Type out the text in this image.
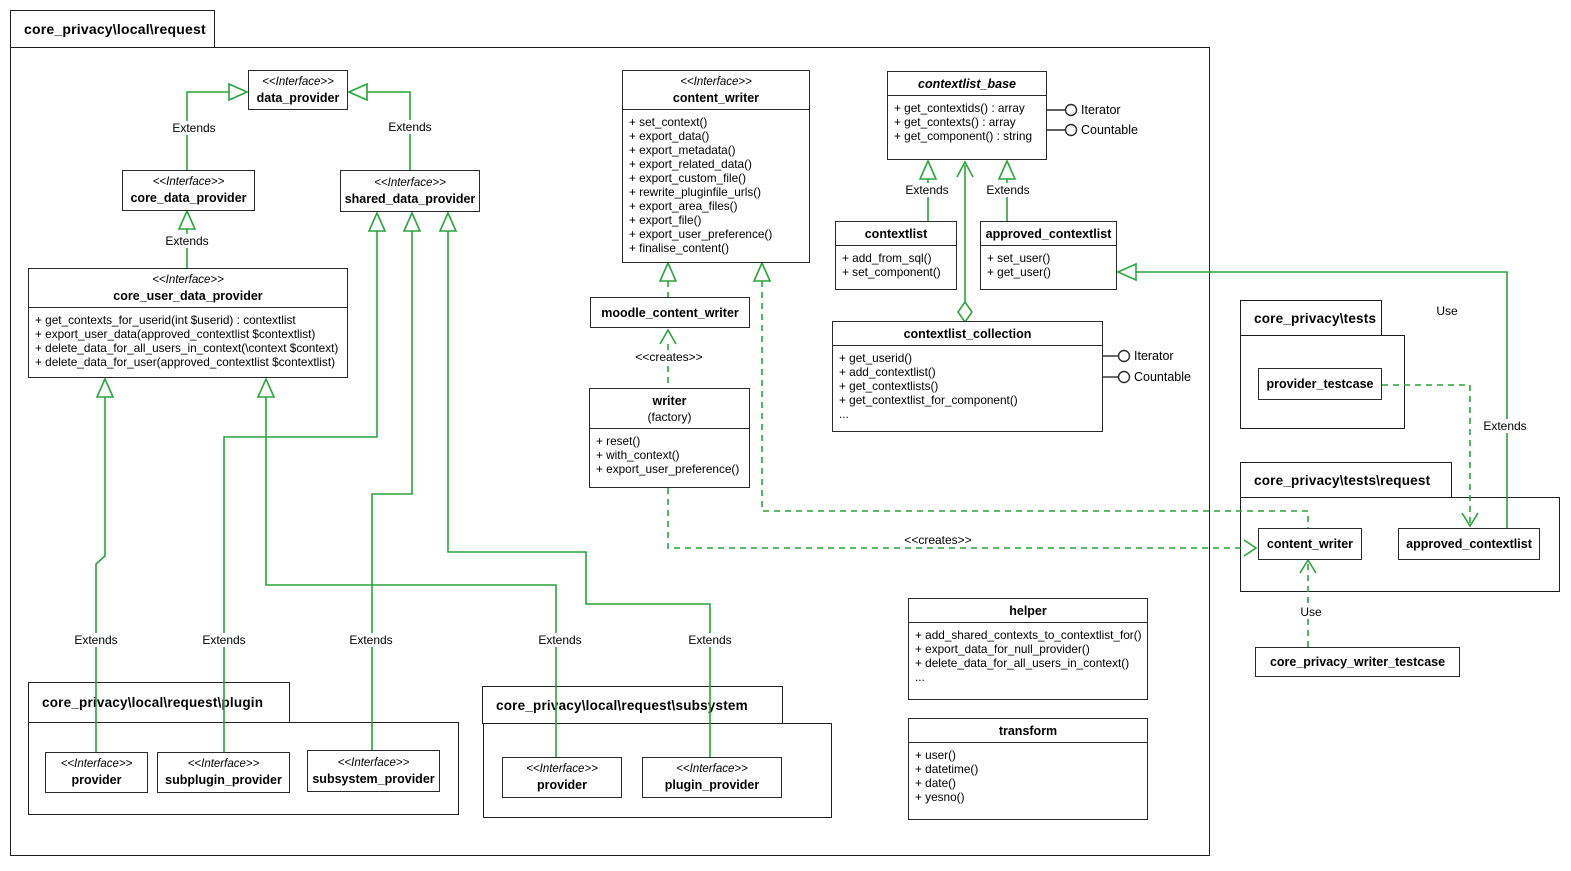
core_privacy\local\request
core_privacy\local\request\plugin	core_privacy\local\request\subsystem
core_privacy\tests
core_privacy\tests\request
<<Interface>>
data_provider
<<Interface>>
core_data_provider
<<Interface>>
shared_data_provider
<<Interface>>
core_user_data_provider
+ get_contexts_for_userid(int $userid) : contextlist
+ export_user_data(approved_contextlist $contextlist)
+ delete_data_for_all_users_in_context(\context $context)
+ delete_data_for_user(approved_contextlist $contextlist)
<<Interface>>
content_writer
+ set_context()
+ export_data()
+ export_metadata()
+ export_related_data()
+ export_custom_file()
+ rewrite_pluginfile_urls()
+ export_area_files()
+ export_file()
+ export_user_preference()
+ finalise_content()
contextlist_base
+ get_contextids() : array
+ get_contexts() : array
+ get_component() : string
contextlist
+ add_from_sql()
+ set_component()
approved_contextlist
+ set_user()
+ get_user()
contextlist_collection
+ get_userid()
+ add_contextlist()
+ get_contextlists()
+ get_contextlist_for_component()
...
moodle_content_writer
writer
(factory)
+ reset()
+ with_context()
+ export_user_preference()
helper
+ add_shared_contexts_to_contextlist_for()
+ export_data_for_null_provider()
+ delete_data_for_all_users_in_context()
...
transform
+ user()
+ datetime()
+ date()
+ yesno()
provider_testcase
content_writer	approved_contextlist
core_privacy_writer_testcase
<<Interface>>
provider
<<Interface>>
subplugin_provider
<<Interface>>
subsystem_provider
<<Interface>>
provider
<<Interface>>
plugin_provider
Extends	Extends
Extends
Extends	Extends
Extends	Extends	Extends	Extends	Extends
Extends
Use
Use
<<creates>>
<<creates>>
Iterator
Countable
Iterator
Countable
